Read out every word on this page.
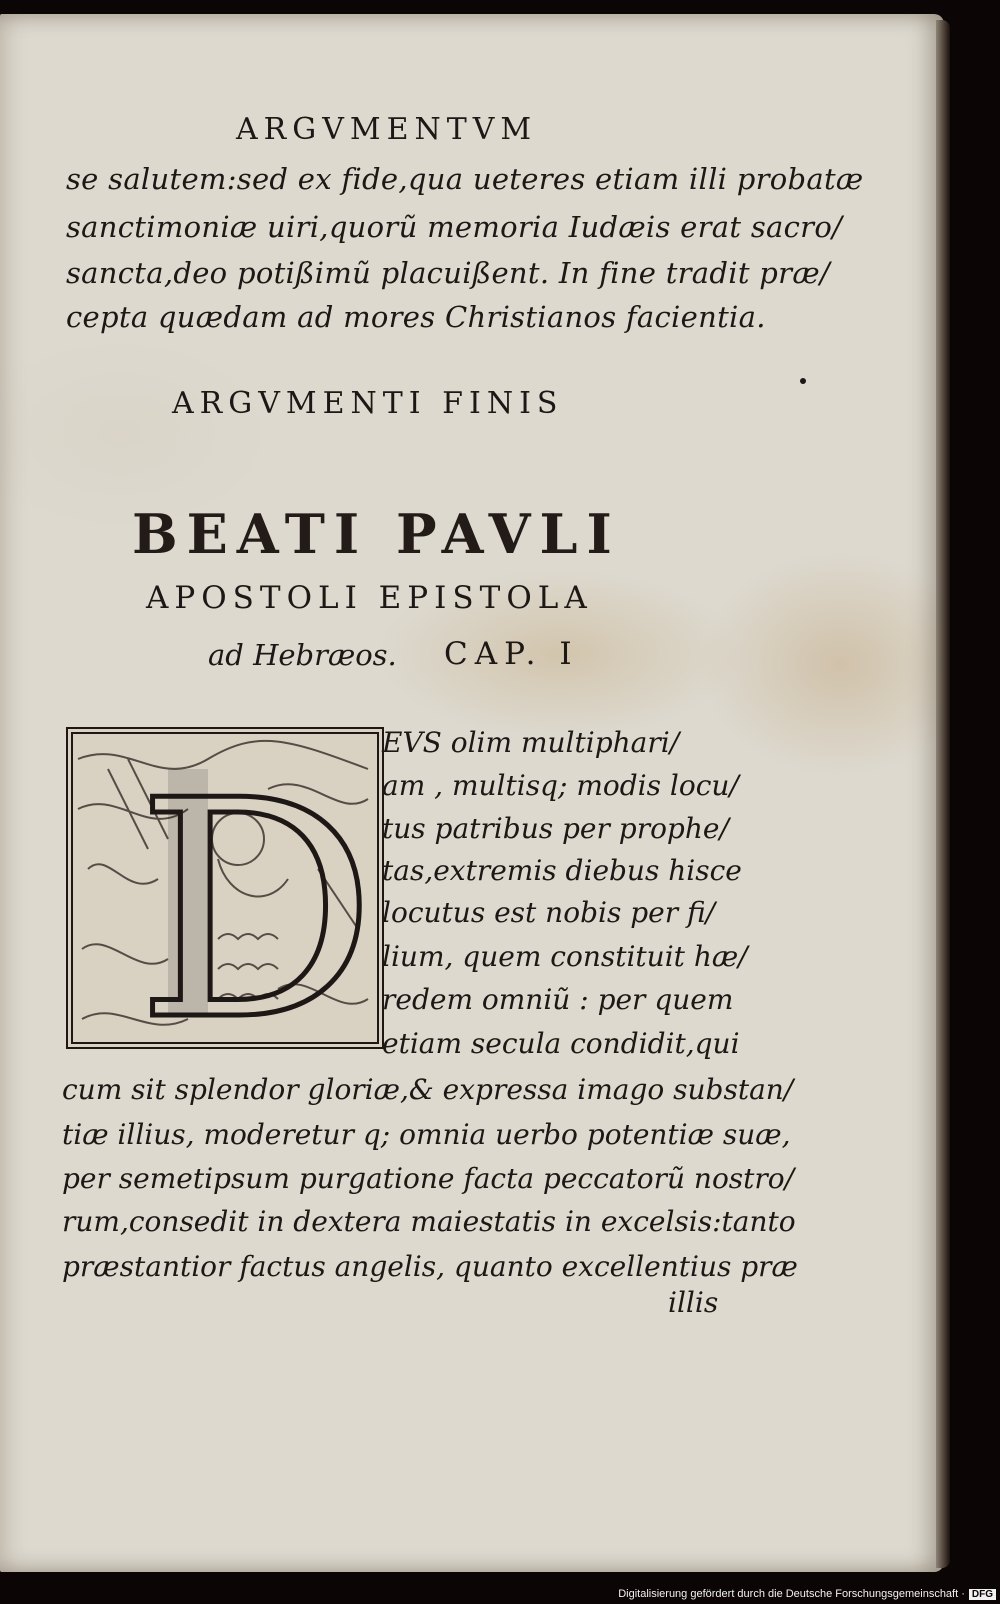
ARGVMENTVM
se salutem:sed ex fide,qua ueteres etiam illi probatæ
sanctimoniæ uiri,quorũ memoria Iudæis erat sacro/
sancta,deo potißimũ placuißent. In fine tradit præ/
cepta quædam ad mores Christianos facientia.
ARGVMENTI FINIS
BEATI PAVLI
APOSTOLI EPISTOLA
ad Hebræos. CAP. I
D EVS olim multiphari/
am , multisq; modis locu/
tus patribus per prophe/
tas,extremis diebus hisce
locutus est nobis per fi/
lium, quem constituit hæ/
redem omniũ : per quem
etiam secula condidit,qui
cum sit splendor gloriæ,& expressa imago substan/
tiæ illius, moderetur q; omnia uerbo potentiæ suæ,
per semetipsum purgatione facta peccatorũ nostro/
rum,consedit in dextera maiestatis in excelsis:tanto
præstantior factus angelis, quanto excellentius præ
illis
Digitalisierung gefördert durch die Deutsche Forschungsgemeinschaft · DFG
